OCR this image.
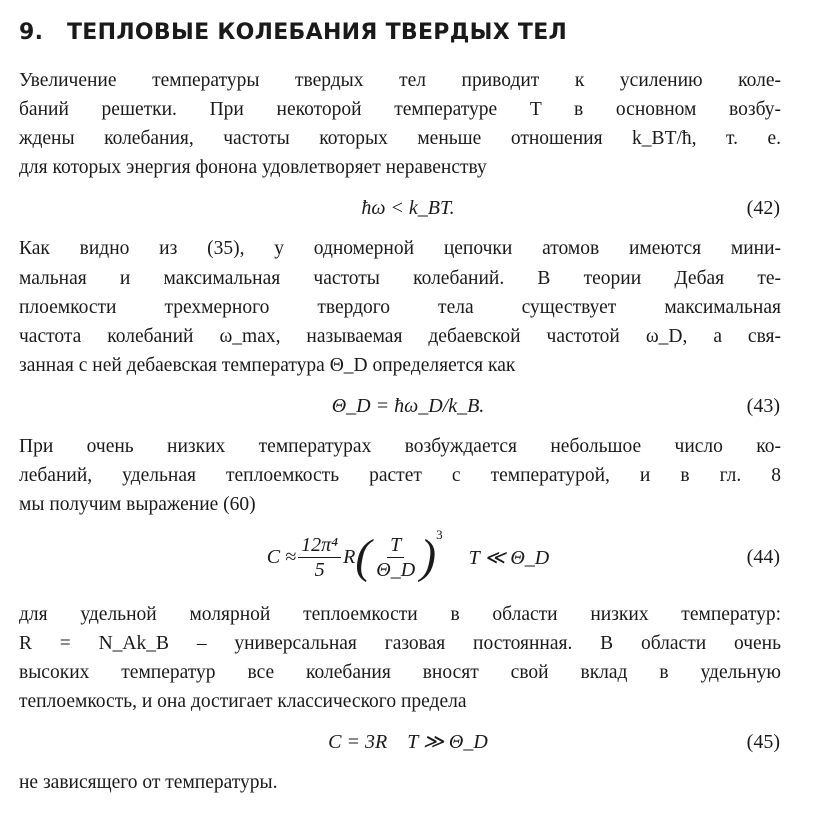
9. ТЕПЛОВЫЕ КОЛЕБАНИЯ ТВЕРДЫХ ТЕЛ
Увеличение температуры твердых тел приводит к усилению коле-
баний решетки. При некоторой температуре T в основном возбу-
ждены колебания, частоты которых меньше отношения k_BT/ħ, т. е.
для которых энергия фонона удовлетворяет неравенству
ħω < k_BT.	(42)
Как видно из (35), у одномерной цепочки атомов имеются мини-
мальная и максимальная частоты колебаний. В теории Дебая те-
плоемкости трехмерного твердого тела существует максимальная
частота колебаний ω_max, называемая дебаевской частотой ω_D, а свя-
занная с ней дебаевская температура Θ_D определяется как
Θ_D = ħω_D/k_B.	(43)
При очень низких температурах возбуждается небольшое число ко-
лебаний, удельная теплоемкость растет с температурой, и в гл. 8
мы получим выражение (60)
$C \approx \frac{\text{12π⁴}}{5}$ R ( $\frac{T}{\Theta\_D} )^3$
T ≪ Θ_D	(44)
для удельной молярной теплоемкости в области низких температур:
R = N_Ak_B – универсальная газовая постоянная. В области очень
высоких температур все колебания вносят свой вклад в удельную
теплоемкость, и она достигает классического предела
C = 3R    T ≫ Θ_D	(45)
не зависящего от температуры.
